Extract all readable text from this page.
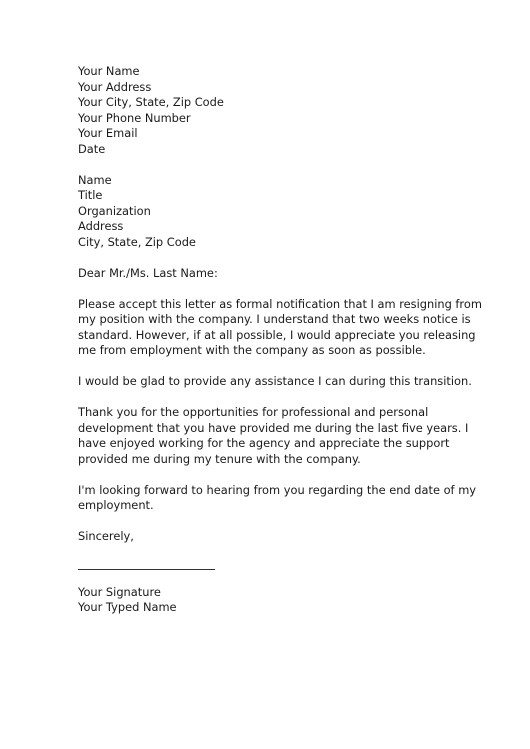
Your Name
Your Address
Your City, State, Zip Code
Your Phone Number
Your Email
Date
Name
Title
Organization
Address
City, State, Zip Code
Dear Mr./Ms. Last Name:
Please accept this letter as formal notification that I am resigning from
my position with the company. I understand that two weeks notice is
standard. However, if at all possible, I would appreciate you releasing
me from employment with the company as soon as possible.
I would be glad to provide any assistance I can during this transition.
Thank you for the opportunities for professional and personal
development that you have provided me during the last five years. I
have enjoyed working for the agency and appreciate the support
provided me during my tenure with the company.
I'm looking forward to hearing from you regarding the end date of my
employment.
Sincerely,
Your Signature
Your Typed Name
